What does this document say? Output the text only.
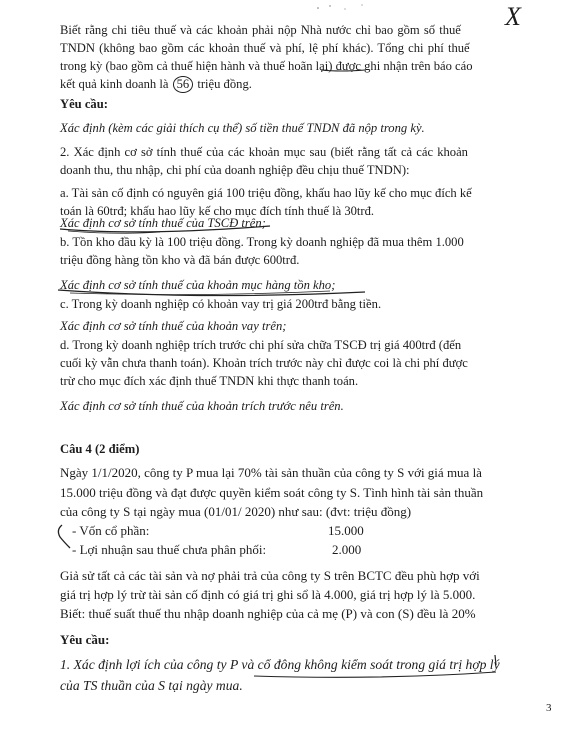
X
Biết rằng chi tiêu thuế và các khoản phải nộp Nhà nước chỉ bao gồm số thuế
TNDN (không bao gồm các khoản thuế và phí, lệ phí khác). Tổng chi phí thuế
trong kỳ (bao gồm cả thuế hiện hành và thuế hoãn lại) được ghi nhận trên báo cáo
kết quả kinh doanh là 56 triệu đồng.
Yêu cầu:
Xác định (kèm các giải thích cụ thể) số tiền thuế TNDN đã nộp trong kỳ.
2. Xác định cơ sở tính thuế của các khoản mục sau (biết rằng tất cả các khoản
doanh thu, thu nhập, chi phí của doanh nghiệp đều chịu thuế TNDN):
a. Tài sản cố định có nguyên giá 100 triệu đồng, khấu hao lũy kế cho mục đích kế
toán là 60trđ; khấu hao lũy kế cho mục đích tính thuế là 30trđ.
Xác định cơ sở tính thuế của TSCĐ trên;
b. Tồn kho đầu kỳ là 100 triệu đồng. Trong kỳ doanh nghiệp đã mua thêm 1.000
triệu đồng hàng tồn kho và đã bán được 600trđ.
Xác định cơ sở tính thuế của khoản mục hàng tồn kho;
c. Trong kỳ doanh nghiệp có khoản vay trị giá 200trđ bằng tiền.
Xác định cơ sở tính thuế của khoản vay trên;
d. Trong kỳ doanh nghiệp trích trước chi phí sửa chữa TSCĐ trị giá 400trđ (đến
cuối kỳ vẫn chưa thanh toán). Khoản trích trước này chỉ được coi là chi phí được
trừ cho mục đích xác định thuế TNDN khi thực thanh toán.
Xác định cơ sở tính thuế của khoản trích trước nêu trên.
Câu 4 (2 điểm)
Ngày 1/1/2020, công ty P mua lại 70% tài sản thuần của công ty S với giá mua là
15.000 triệu đồng và đạt được quyền kiểm soát công ty S. Tình hình tài sản thuần
của công ty S tại ngày mua (01/01/ 2020) như sau: (đvt: triệu đồng)
- Vốn cổ phần:	15.000
- Lợi nhuận sau thuế chưa phân phối:	2.000
Giả sử tất cả các tài sản và nợ phải trả của công ty S trên BCTC đều phù hợp với
giá trị hợp lý trừ tài sản cố định có giá trị ghi sổ là 4.000, giá trị hợp lý là 5.000.
Biết: thuế suất thuế thu nhập doanh nghiệp của cả mẹ (P) và con (S) đều là 20%
Yêu cầu:
1. Xác định lợi ích của công ty P và cổ đông không kiểm soát trong giá trị hợp lý
của TS thuần của S tại ngày mua.
3
